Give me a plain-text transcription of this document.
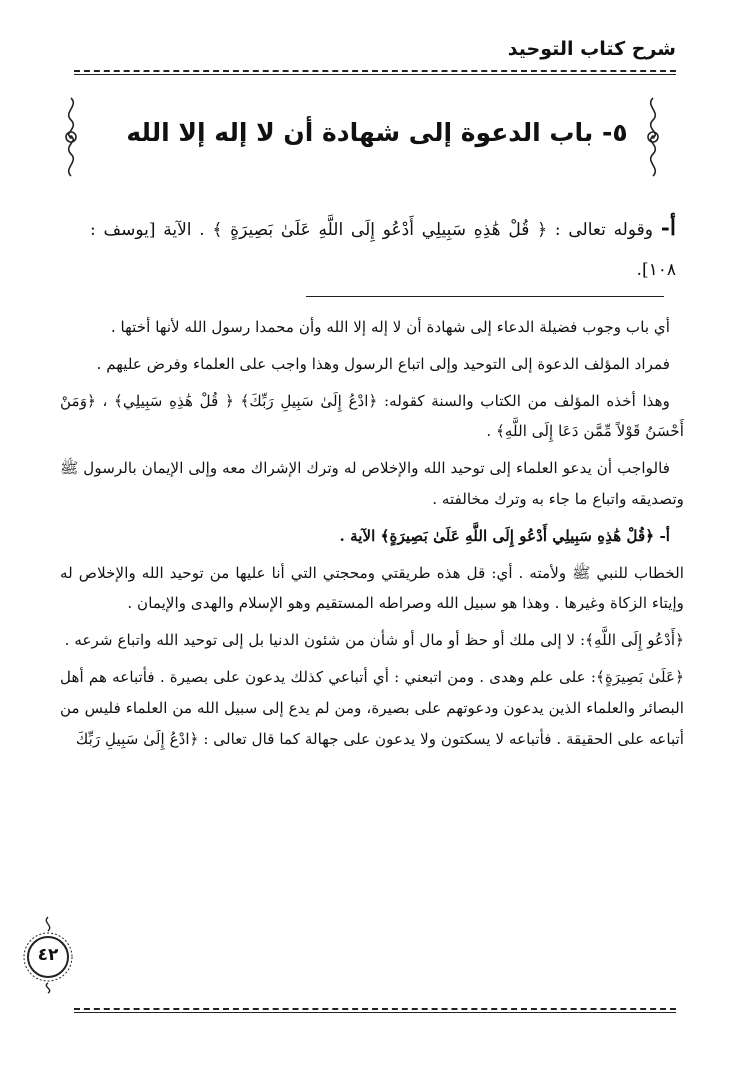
شرح كتاب التوحيد
٥- باب الدعوة إلى شهادة أن لا إله إلا الله
أ- وقوله تعالى : ﴿ قُلْ هَٰذِهِ سَبِيلِي أَدْعُو إِلَى اللَّهِ عَلَىٰ بَصِيرَةٍ ﴾ . الآية [يوسف : ١٠٨].

أي باب وجوب فضيلة الدعاء إلى شهادة أن لا إله إلا الله وأن محمدا رسول الله لأنها أختها .

فمراد المؤلف الدعوة إلى التوحيد وإلى اتباع الرسول وهذا واجب على العلماء وفرض عليهم .

وهذا أخذه المؤلف من الكتاب والسنة كقوله: ﴿ادْعُ إِلَىٰ سَبِيلِ رَبِّكَ﴾ ﴿ قُلْ هَٰذِهِ سَبِيلِي﴾ ، ﴿وَمَنْ أَحْسَنُ قَوْلاً مِّمَّن دَعَا إِلَى اللَّهِ﴾ .

فالواجب أن يدعو العلماء إلى توحيد الله والإخلاص له وترك الإشراك معه وإلى الإيمان بالرسول ﷺ وتصديقه واتباع ما جاء به وترك مخالفته .

أ- ﴿قُلْ هَٰذِهِ سَبِيلِي أَدْعُو إِلَى اللَّهِ عَلَىٰ بَصِيرَةٍ﴾ الآية .

الخطاب للنبي ﷺ ولأمته . أي: قل هذه طريقتي ومحجتي التي أنا عليها من توحيد الله والإخلاص له وإيتاء الزكاة وغيرها . وهذا هو سبيل الله وصراطه المستقيم وهو الإسلام والهدى والإيمان .

﴿أَدْعُو إِلَى اللَّهِ﴾: لا إلى ملك أو حظ أو مال أو شأن من شئون الدنيا بل إلى توحيد الله واتباع شرعه .

﴿عَلَىٰ بَصِيرَةٍ﴾: على علم وهدى . ومن اتبعني : أي أتباعي كذلك يدعون على بصيرة . فأتباعه هم أهل البصائر والعلماء الذين يدعون ودعوتهم على بصيرة، ومن لم يدع إلى سبيل الله من العلماء فليس من أتباعه على الحقيقة . فأتباعه لا يسكتون ولا يدعون على جهالة كما قال تعالى : ﴿ادْعُ إِلَىٰ سَبِيلِ رَبِّكَ

٤٢
